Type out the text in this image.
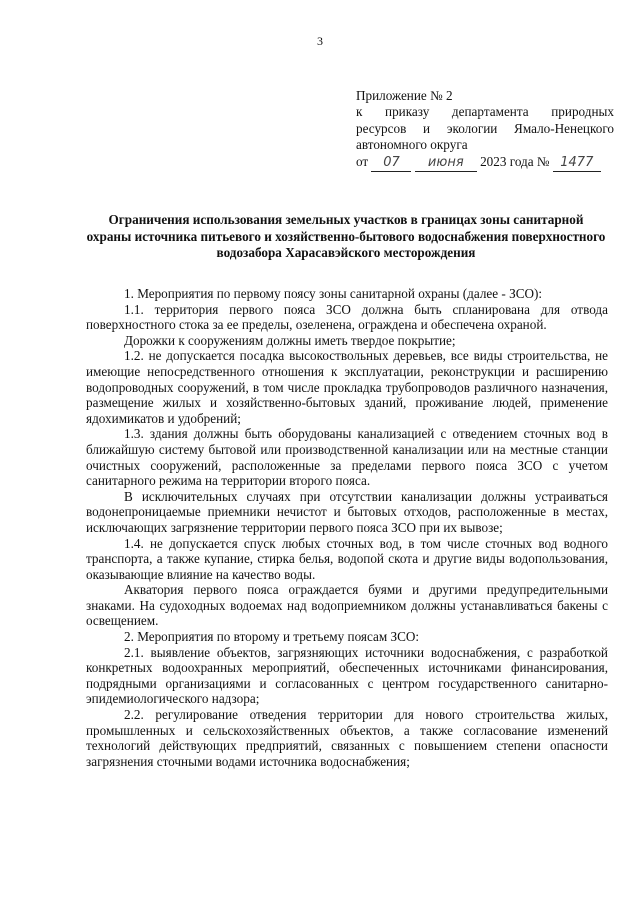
3
Приложение № 2
к приказу департамента природных
ресурсов и экологии Ямало-Ненецкого
автономного округа
от 07 июня 2023 года № 1477
Ограничения использования земельных участков в границах зоны санитарной охраны источника питьевого и хозяйственно-бытового водоснабжения поверхностного водозабора Харасавэйского месторождения

1. Мероприятия по первому поясу зоны санитарной охраны (далее - ЗСО):

1.1. территория первого пояса ЗСО должна быть спланирована для отвода поверхностного стока за ее пределы, озеленена, ограждена и обеспечена охраной.

Дорожки к сооружениям должны иметь твердое покрытие;

1.2. не допускается посадка высокоствольных деревьев, все виды строительства, не имеющие непосредственного отношения к эксплуатации, реконструкции и расширению водопроводных сооружений, в том числе прокладка трубопроводов различного назначения, размещение жилых и хозяйственно-бытовых зданий, проживание людей, применение ядохимикатов и удобрений;

1.3. здания должны быть оборудованы канализацией с отведением сточных вод в ближайшую систему бытовой или производственной канализации или на местные станции очистных сооружений, расположенные за пределами первого пояса ЗСО с учетом санитарного режима на территории второго пояса.

В исключительных случаях при отсутствии канализации должны устраиваться водонепроницаемые приемники нечистот и бытовых отходов, расположенные в местах, исключающих загрязнение территории первого пояса ЗСО при их вывозе;

1.4. не допускается спуск любых сточных вод, в том числе сточных вод водного транспорта, а также купание, стирка белья, водопой скота и другие виды водопользования, оказывающие влияние на качество воды.

Акватория первого пояса ограждается буями и другими предупредительными знаками. На судоходных водоемах над водоприемником должны устанавливаться бакены с освещением.

2. Мероприятия по второму и третьему поясам ЗСО:

2.1. выявление объектов, загрязняющих источники водоснабжения, с разработкой конкретных водоохранных мероприятий, обеспеченных источниками финансирования, подрядными организациями и согласованных с центром государственного санитарно-эпидемиологического надзора;

2.2. регулирование отведения территории для нового строительства жилых, промышленных и сельскохозяйственных объектов, а также согласование изменений технологий действующих предприятий, связанных с повышением степени опасности загрязнения сточными водами источника водоснабжения;
